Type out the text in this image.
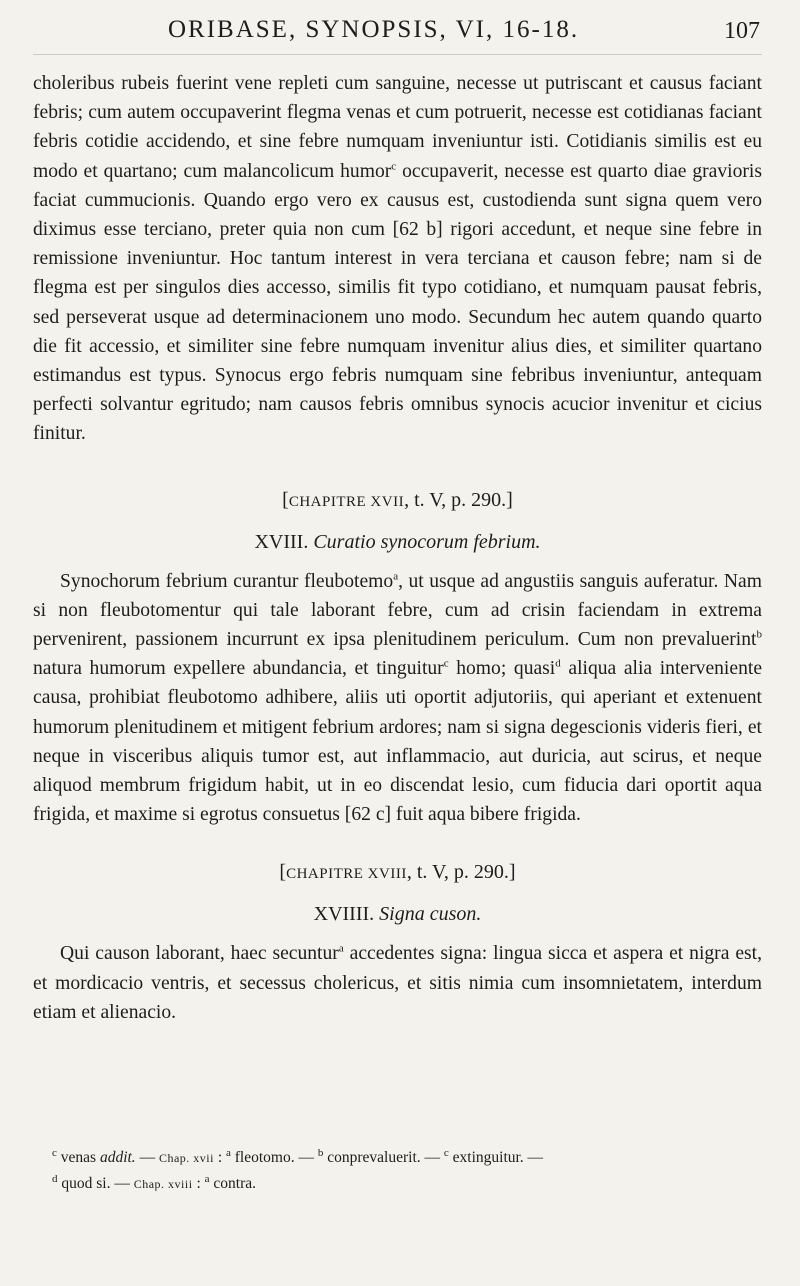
ORIBASE, SYNOPSIS, VI, 16-18.	107

choleribus rubeis fuerint vene repleti cum sanguine, necesse ut putriscant et causus faciant febris; cum autem occupaverint flegma venas et cum potruerit, necesse est cotidianas faciant febris cotidie accidendo, et sine febre numquam inveniuntur isti. Cotidianis similis est eu modo et quartano; cum malancolicum humor$^c$ occupaverit, necesse est quarto diae gravioris faciat cummucionis. Quando ergo vero ex causus est, custodienda sunt signa quem vero diximus esse terciano, preter quia non cum [62 b] rigori accedunt, et neque sine febre in remissione inveniuntur. Hoc tantum interest in vera terciana et causon febre; nam si de flegma est per singulos dies accesso, similis fit typo cotidiano, et numquam pausat febris, sed perseverat usque ad determinacionem uno modo. Secundum hec autem quando quarto die fit accessio, et similiter sine febre numquam invenitur alius dies, et similiter quartano estimandus est typus. Synocus ergo febris numquam sine febribus inveniuntur, antequam perfecti solvantur egritudo; nam causos febris omnibus synocis acucior invenitur et cicius finitur.

[CHAPITRE XVII, t. V, p. 290.]
XVIII. Curatio synocorum febrium.

Synochorum febrium curantur fleubotemo$^a$, ut usque ad angustiis sanguis auferatur. Nam si non fleubotomentur qui tale laborant febre, cum ad crisin faciendam in extrema pervenirent, passionem incurrunt ex ipsa plenitudinem periculum. Cum non prevaluerint$^b$ natura humorum expellere abundancia, et tinguitur$^c$ homo; quasi$^d$ aliqua alia interveniente causa, prohibiat fleubotomo adhibere, aliis uti oportit adjutoriis, qui aperiant et extenuent humorum plenitudinem et mitigent febrium ardores; nam si signa degescionis videris fieri, et neque in visceribus aliquis tumor est, aut inflammacio, aut duricia, aut scirus, et neque aliquod membrum frigidum habit, ut in eo discendat lesio, cum fiducia dari oportit aqua frigida, et maxime si egrotus consuetus [62 c] fuit aqua bibere frigida.

[CHAPITRE XVIII, t. V, p. 290.]
XVIIII. Signa cuson.

Qui causon laborant, haec secuntur$^a$ accedentes signa: lingua sicca et aspera et nigra est, et mordicacio ventris, et secessus cholericus, et sitis nimia cum insomnietatem, interdum etiam et alienacio.

$^c$ venas addit. — Chap. xvii : $^a$ fleotomo. — $^b$ conprevaluerit. — $^c$ extinguitur. —

$^d$ quod si. — Chap. xviii : $^a$ contra.
